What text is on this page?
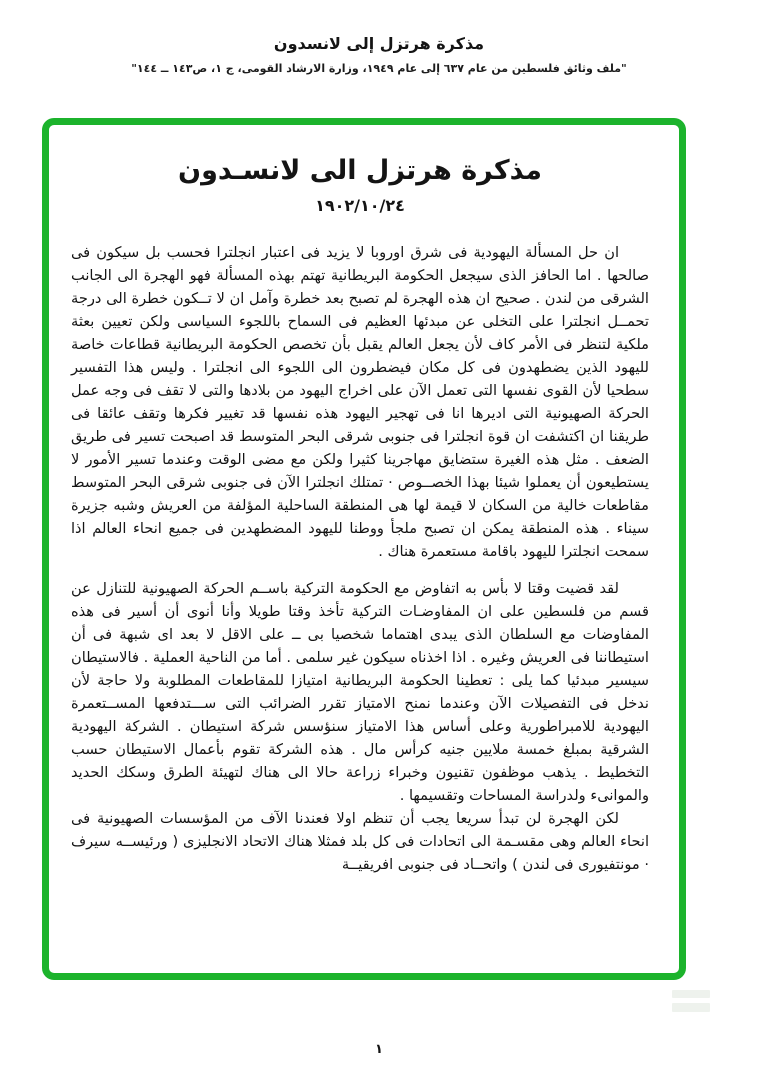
مذكرة هرتزل إلى لانسدون
"ملف وثائق فلسطين من عام ٦٣٧ إلى عام ١٩٤٩، وزارة الارشاد القومى، ج ١، ص١٤٣ ــ ١٤٤"
مذكرة هرتزل الى لانسـدون
١٩٠٢/١٠/٢٤

ان حل المسألة اليهودية فى شرق اوروبا لا يزيد فى اعتبار انجلترا فحسب بل سيكون فى صالحها . اما الحافز الذى سيجعل الحكومة البريطانية تهتم بهذه المسألة فهو الهجرة الى الجانب الشرقى من لندن . صحيح ان هذه الهجرة لم تصبح بعد خطرة وآمل ان لا تــكون خطرة الى درجة تحمــل انجلترا على التخلى عن مبدئها العظيم فى السماح باللجوء السياسى ولكن تعيين بعثة ملكية لتنظر فى الأمر كاف لأن يجعل العالم يقبل بأن تخصص الحكومة البريطانية قطاعات خاصة لليهود الذين يضطهدون فى كل مكان فيضطرون الى اللجوء الى انجلترا . وليس هذا التفسير سطحيا لأن القوى نفسها التى تعمل الآن على اخراج اليهود من بلادها والتى لا تقف فى وجه عمل الحركة الصهيونية التى اديرها انا فى تهجير اليهود هذه نفسها قد تغيير فكرها وتقف عائقا فى طريقنا ان اكتشفت ان قوة انجلترا فى جنوبى شرقى البحر المتوسط قد اصبحت تسير فى طريق الضعف . مثل هذه الغيرة ستضايق مهاجرينا كثيرا ولكن مع مضى الوقت وعندما تسير الأمور لا يستطيعون أن يعملوا شيئا بهذا الخصــوص · تمتلك انجلترا الآن فى جنوبى شرقى البحر المتوسط مقاطعات خالية من السكان لا قيمة لها هى المنطقة الساحلية المؤلفة من العريش وشبه جزيرة سيناء . هذه المنطقة يمكن ان تصبح ملجأ ووطنا لليهود المضطهدين فى جميع انحاء العالم اذا سمحت انجلترا لليهود باقامة مستعمرة هناك .

لقد قضيت وقتا لا بأس به اتفاوض مع الحكومة التركية باســم الحركة الصهيونية للتنازل عن قسم من فلسطين على ان المفاوضـات التركية تأخذ وقتا طويلا وأنا أنوى أن أسير فى هذه المفاوضات مع السلطان الذى يبدى اهتماما شخصيا بى ــ على الاقل لا بعد اى شبهة فى أن استيطاننا فى العريش وغيره . اذا اخذناه سيكون غير سلمى . أما من الناحية العملية . فالاستيطان سيسير مبدئيا كما يلى : تعطينا الحكومة البريطانية امتيازا للمقاطعات المطلوبة ولا حاجة لأن ندخل فى التفصيلات الآن وعندما نمنح الامتياز تقرر الضرائب التى ســـتدفعها المســتعمرة اليهودية للامبراطورية وعلى أساس هذا الامتياز سنؤسس شركة استيطان . الشركة اليهودية الشرقية بمبلغ خمسة ملايين جنيه كرأس مال . هذه الشركة تقوم بأعمال الاستيطان حسب التخطيط . يذهب موظفون تقنيون وخبراء زراعة حالا الى هناك لتهيئة الطرق وسكك الحديد والموانىء ولدراسة المساحات وتقسيمها .

لكن الهجرة لن تبدأ سريعا يجب أن تنظم اولا فعندنا الآف من المؤسسات الصهيونية فى انحاء العالم وهى مقسـمة الى اتحادات فى كل بلد فمثلا هناك الاتحاد الانجليزى ( ورئيســه سيرف · مونتفيورى فى لندن ) واتحــاد فى جنوبى افريقيــة

١
